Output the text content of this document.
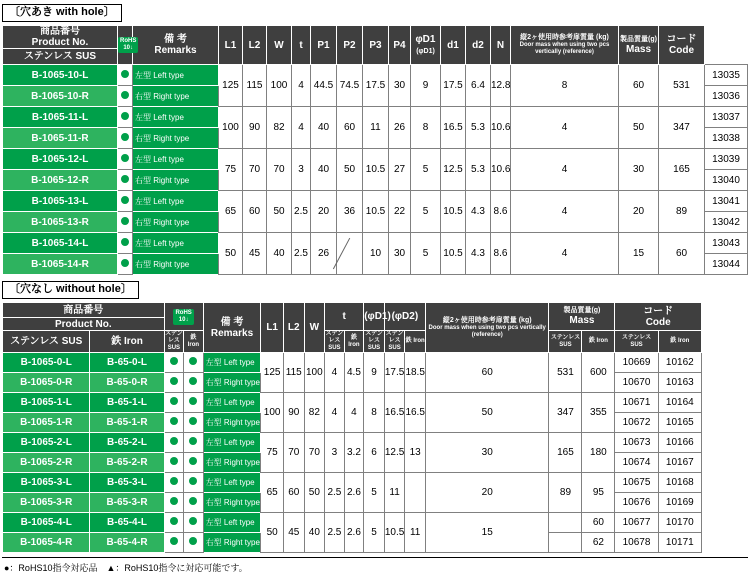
〔穴あき with hole〕
商品番号
Product No.	RoHS
10↓	
備 考
Remarks	L1	L2	W	t	P1	P2	P3	P4	φD1 (φD1)	d1	d2	N	
縦2ヶ使用時参考扉質量 (kg)
Door mass when using two pcs vertically (reference)

製品質量(g)
Mass

コード
Code

ステンレス SUS																		
B-1065-10-L		左型 Left type	125	115	100	4	44.5	74.5	17.5	30	9	17.5	6.4	12.8	8	60	531	13035
B-1065-10-R		右型 Right type																13036
B-1065-11-L		左型 Left type	100	90	82	4	40	60	11	26	8	16.5	5.3	10.6	4	50	347	13037
B-1065-11-R		右型 Right type																13038
B-1065-12-L		左型 Left type	75	70	70	3	40	50	10.5	27	5	12.5	5.3	10.6	4	30	165	13039
B-1065-12-R		右型 Right type																13040
B-1065-13-L		左型 Left type	65	60	50	2.5	20	36	10.5	22	5	10.5	4.3	8.6	4	20	89	13041
B-1065-13-R		右型 Right type																13042
B-1065-14-L		左型 Left type	50	45	40	2.5	26		10	30	5	10.5	4.3	8.6	4	15	60	13043
B-1065-14-R		右型 Right type																13044
〔穴なし without hole〕
商品番号	RoHS
10↓	備 考
Remarks	L1	L2	W	t	(φD1)	(φD2)	縦2ヶ使用時参考扉質量 (kg)
Door mass when using two pcs vertically (reference)

製品質量(g)
Mass

コード
Code

Product No.																	
ステンレス SUS	鉄 Iron	ステンレス SUS	鉄 Iron					ステンレス SUS	鉄 Iron	ステンレス SUS	ステンレス SUS	鉄 Iron		ステンレス SUS	鉄 Iron	ステンレス SUS	鉄 Iron
B-1065-0-L	B-65-0-L			左型 Left type	125	115	100	4	4.5	9	17.5	18.5	60	531	600	10669	10162
B-1065-0-R	B-65-0-R			右型 Right type												10670	10163
B-1065-1-L	B-65-1-L			左型 Left type	100	90	82	4	4	8	16.5	16.5	50	347	355	10671	10164
B-1065-1-R	B-65-1-R			右型 Right type												10672	10165
B-1065-2-L	B-65-2-L			左型 Left type	75	70	70	3	3.2	6	12.5	13	30	165	180	10673	10166
B-1065-2-R	B-65-2-R			右型 Right type												10674	10167
B-1065-3-L	B-65-3-L			左型 Left type	65	60	50	2.5	2.6	5	11		20	89	95	10675	10168
B-1065-3-R	B-65-3-R			右型 Right type												10676	10169
B-1065-4-L	B-65-4-L			左型 Left type	50	45	40	2.5	2.6	5	10.5	11	15		60	10677	10170
B-1065-4-R	B-65-4-R			右型 Right type											62	10678	10171
●：RoHS10指令対応品　▲：RoHS10指令に対応可能です。
